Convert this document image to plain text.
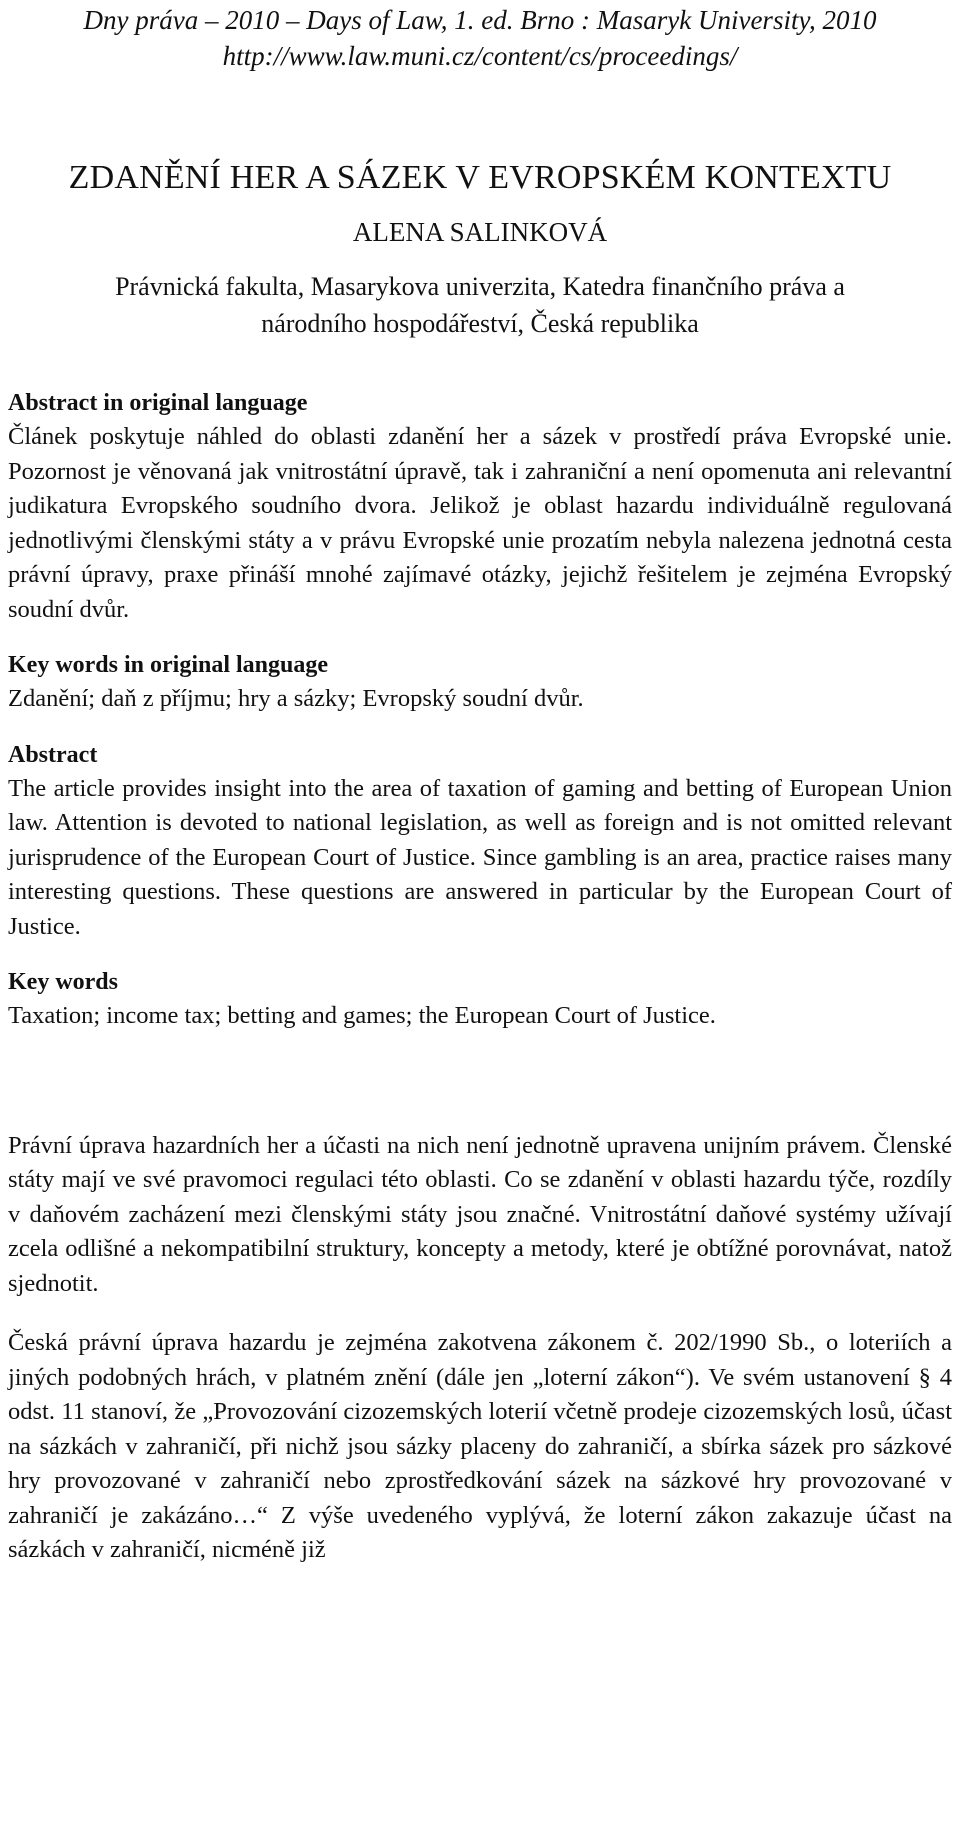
Dny práva – 2010 – Days of Law, 1. ed. Brno : Masaryk University, 2010
http://www.law.muni.cz/content/cs/proceedings/
ZDANĚNÍ HER A SÁZEK V EVROPSKÉM KONTEXTU
ALENA SALINKOVÁ
Právnická fakulta, Masarykova univerzita, Katedra finančního práva a
národního hospodářeství, Česká republika

Abstract in original language

Článek poskytuje náhled do oblasti zdanění her a sázek v prostředí práva Evropské unie. Pozornost je věnovaná jak vnitrostátní úpravě, tak i zahraniční a není opomenuta ani relevantní judikatura Evropského soudního dvora. Jelikož je oblast hazardu individuálně regulovaná jednotlivými členskými státy a v právu Evropské unie prozatím nebyla nalezena jednotná cesta právní úpravy, praxe přináší mnohé zajímavé otázky, jejichž řešitelem je zejména Evropský soudní dvůr.

Key words in original language

Zdanění; daň z příjmu; hry a sázky; Evropský soudní dvůr.

Abstract

The article provides insight into the area of taxation of gaming and betting of European Union law. Attention is devoted to national legislation, as well as foreign and is not omitted relevant jurisprudence of the European Court of Justice. Since gambling is an area, practice raises many interesting questions. These questions are answered in particular by the European Court of Justice.

Key words

Taxation; income tax; betting and games; the European Court of Justice.

Právní úprava hazardních her a účasti na nich není jednotně upravena unijním právem. Členské státy mají ve své pravomoci regulaci této oblasti. Co se zdanění v oblasti hazardu týče, rozdíly v daňovém zacházení mezi členskými státy jsou značné. Vnitrostátní daňové systémy užívají zcela odlišné a nekompatibilní struktury, koncepty a metody, které je obtížné porovnávat, natož sjednotit.

Česká právní úprava hazardu je zejména zakotvena zákonem č. 202/1990 Sb., o loteriích a jiných podobných hrách, v platném znění (dále jen „loterní zákon“). Ve svém ustanovení § 4 odst. 11 stanoví, že „Provozování cizozemských loterií včetně prodeje cizozemských losů, účast na sázkách v zahraničí, při nichž jsou sázky placeny do zahraničí, a sbírka sázek pro sázkové hry provozované v zahraničí nebo zprostředkování sázek na sázkové hry provozované v zahraničí je zakázáno…“ Z výše uvedeného vyplývá, že loterní zákon zakazuje účast na sázkách v zahraničí, nicméně již
